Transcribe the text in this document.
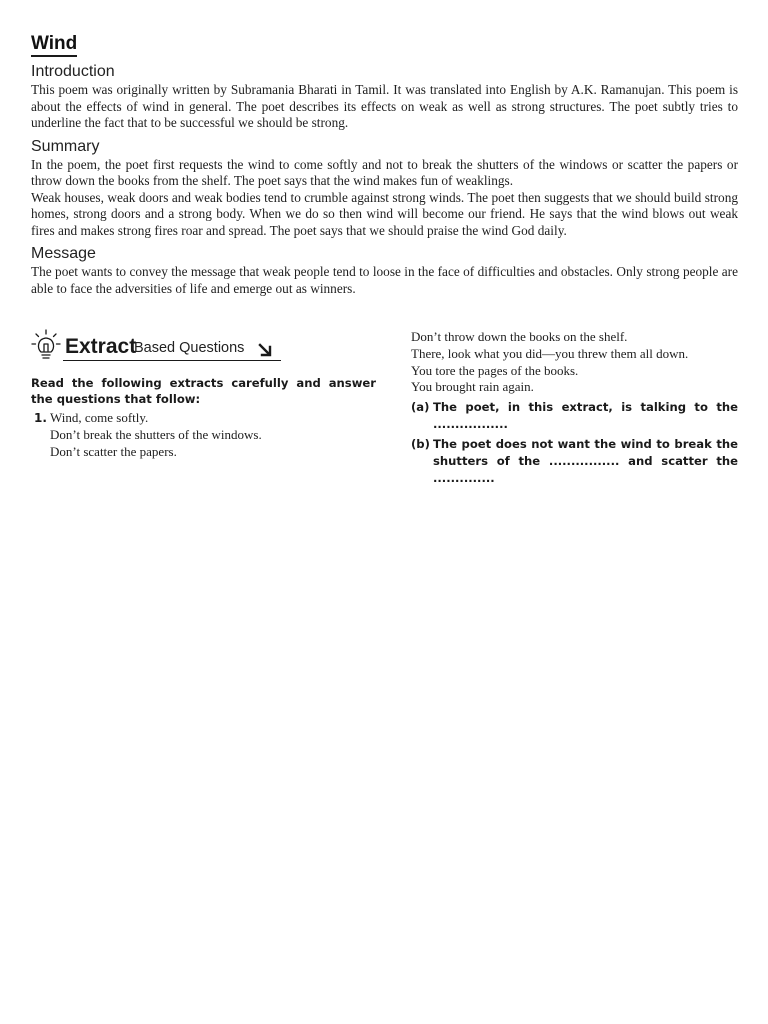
Wind
Introduction

This poem was originally written by Subramania Bharati in Tamil. It was translated into English by A.K. Ramanujan. This poem is about the effects of wind in general. The poet describes its effects on weak as well as strong structures. The poet subtly tries to underline the fact that to be successful we should be strong.

Summary

In the poem, the poet first requests the wind to come softly and not to break the shutters of the windows or scatter the papers or throw down the books from the shelf. The poet says that the wind makes fun of weaklings.

Weak houses, weak doors and weak bodies tend to crumble against strong winds. The poet then suggests that we should build strong homes, strong doors and a strong body. When we do so then wind will become our friend. He says that the wind blows out weak fires and makes strong fires roar and spread. The poet says that we should praise the wind God daily.

Message

The poet wants to convey the message that weak people tend to loose in the face of difficulties and obstacles. Only strong people are able to face the adversities of life and emerge out as winners.

Extract
Based Questions

Read the following extracts carefully and answer the questions that follow:

1. Wind, come softly.
Don’t break the shutters of the windows.
Don’t scatter the papers.
Don’t throw down the books on the shelf.
There, look what you did—you threw them all down.
You tore the pages of the books.
You brought rain again.
(a) The poet, in this extract, is talking to the .................
(b) The poet does not want the wind to break the shutters of the ................ and scatter the ..............
